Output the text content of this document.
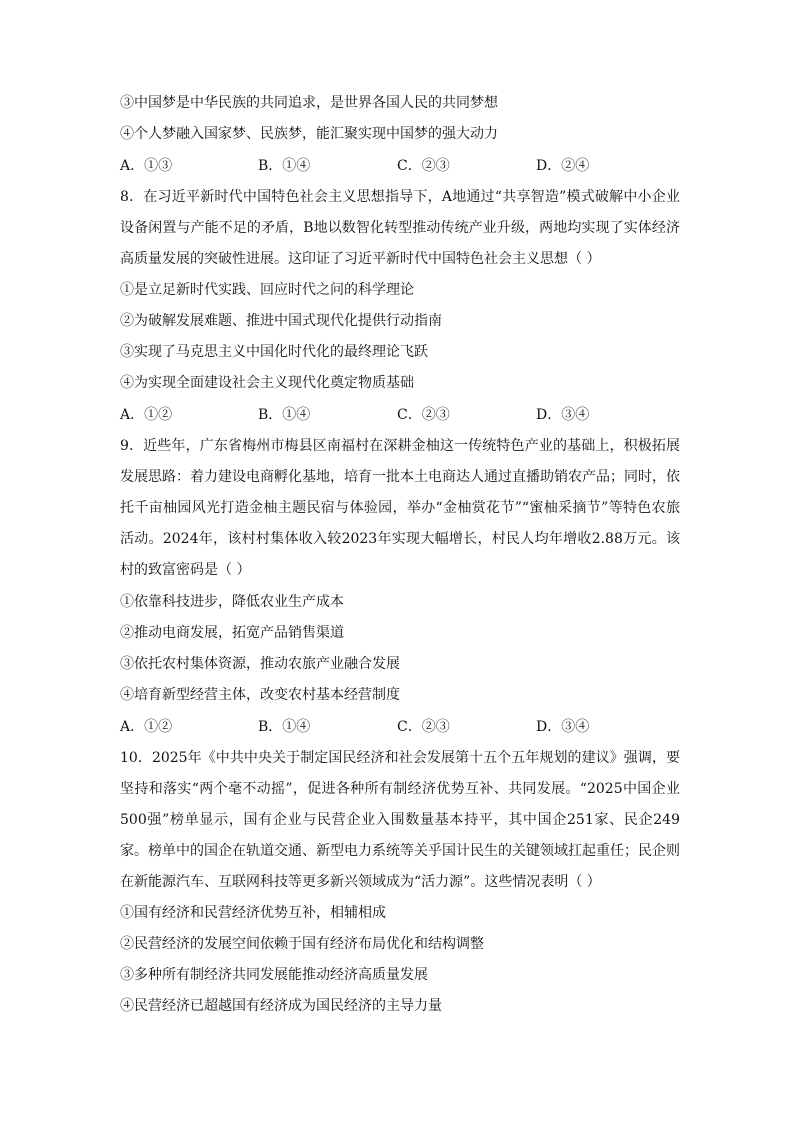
③中国梦是中华民族的共同追求，是世界各国人民的共同梦想
④个人梦融入国家梦、民族梦，能汇聚实现中国梦的强大动力
A．①③	B．①④	C．②③	D．②④

8．在习近平新时代中国特色社会主义思想指导下，A地通过“共享智造”模式破解中小企业设备闲置与产能不足的矛盾，B地以数智化转型推动传统产业升级，两地均实现了实体经济高质量发展的突破性进展。这印证了习近平新时代中国特色社会主义思想（ ）

①是立足新时代实践、回应时代之问的科学理论
②为破解发展难题、推进中国式现代化提供行动指南
③实现了马克思主义中国化时代化的最终理论飞跃
④为实现全面建设社会主义现代化奠定物质基础
A．①②	B．①④	C．②③	D．③④

9．近些年，广东省梅州市梅县区南福村在深耕金柚这一传统特色产业的基础上，积极拓展发展思路：着力建设电商孵化基地，培育一批本土电商达人通过直播助销农产品；同时，依托千亩柚园风光打造金柚主题民宿与体验园，举办“金柚赏花节”“蜜柚采摘节”等特色农旅活动。2024年，该村村集体收入较2023年实现大幅增长，村民人均年增收2.88万元。该村的致富密码是（ ）

①依靠科技进步，降低农业生产成本
②推动电商发展，拓宽产品销售渠道
③依托农村集体资源，推动农旅产业融合发展
④培育新型经营主体，改变农村基本经营制度
A．①②	B．①④	C．②③	D．③④

10．2025年《中共中央关于制定国民经济和社会发展第十五个五年规划的建议》强调，要坚持和落实“两个毫不动摇”，促进各种所有制经济优势互补、共同发展。“2025中国企业500强”榜单显示，国有企业与民营企业入围数量基本持平，其中国企251家、民企249家。榜单中的国企在轨道交通、新型电力系统等关乎国计民生的关键领域扛起重任；民企则在新能源汽车、互联网科技等更多新兴领域成为“活力源”。这些情况表明（ ）

①国有经济和民营经济优势互补，相辅相成
②民营经济的发展空间依赖于国有经济布局优化和结构调整
③多种所有制经济共同发展能推动经济高质量发展
④民营经济已超越国有经济成为国民经济的主导力量
